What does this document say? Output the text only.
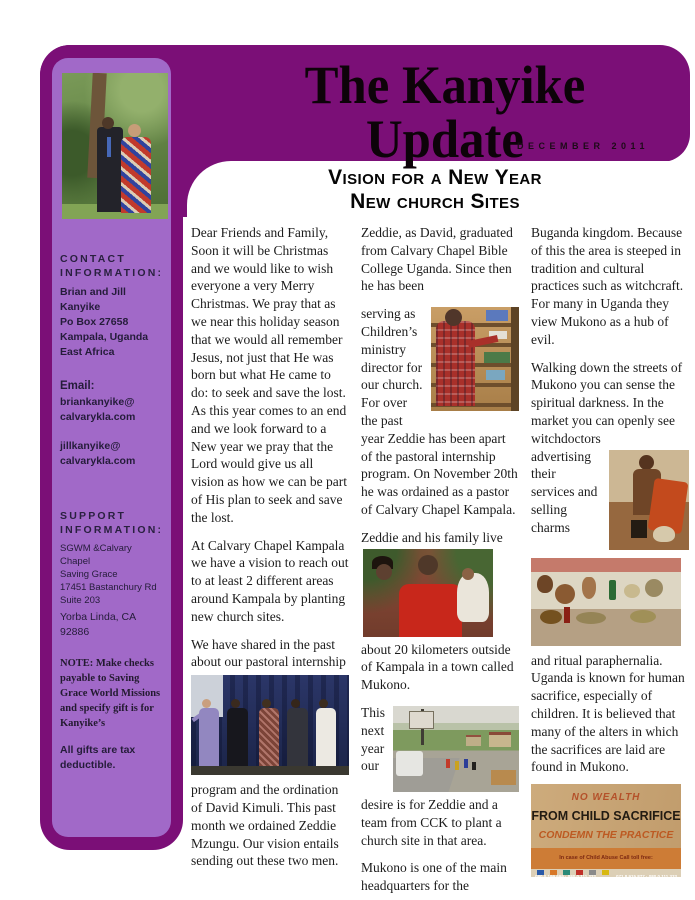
The Kanyike Update
DECEMBER 2011
CONTACT INFORMATION:
Brian and Jill Kanyike
Po Box 27658
Kampala, Uganda
East Africa
Email:
briankanyike@
calvarykla.com
jillkanyike@
calvarykla.com
SUPPORT INFORMATION:
SGWM &Calvary Chapel
Saving Grace
17451 Bastanchury Rd
Suite 203
Yorba Linda, CA 92886
NOTE: Make checks payable to Saving Grace World Missions and specify gift is for Kanyike’s
All gifts are tax deductible.
Vision for a New Year
New church Sites
Dear Friends and Family,
Soon it will be Christmas and we would like to wish everyone a very Merry Christmas. We pray that as we near this holiday season that we would all remember Jesus, not just that He was born but what He came to do: to seek and save the lost. As this year comes to an end and we look forward to a New year we pray that the Lord would give us all vision as how we can be part of His plan to seek and save the lost.
At Calvary Chapel Kampala we have a vision to reach out to at least 2 different areas around Kampala by planting new church sites.
We have shared in the past about our pastoral internship
program and the ordination of David Kimuli. This past month we ordained Zeddie Mzungu. Our vision entails sending out these two men.
Zeddie, as David, graduated from Calvary Chapel Bible College Uganda. Since then he has been
serving as Children’s ministry director for our church. For over the past year Zeddie has been apart of the pastoral internship program. On November 20th he was ordained as a pastor of Calvary Chapel Kampala.
Zeddie and his family live
about 20 kilometers outside of Kampala in a town called Mukono.
This next year our desire is for Zeddie and a team from CCK to plant a church site in that area.
Mukono is one of the main headquarters for the
Buganda kingdom. Because of this the area is steeped in tradition and cultural practices such as witchcraft. For many in Uganda they view Mukono as a hub of evil.
Walking down the streets of Mukono you can sense the spiritual darkness. In the market you can openly see witchdoctors
advertising their services and selling charms
and ritual paraphernalia. Uganda is known for human sacrifice, especially of children. It is believed that many of the alters in which the sacrifices are laid are found in Mukono.
NO WEALTH
FROM CHILD SACRIFICE
CONDEMN THE PRACTICE
In case of Child Abuse Call toll free:
080 0 199 699 · 080 0 111 222	071 8 915 877 · 080 0 111 333
